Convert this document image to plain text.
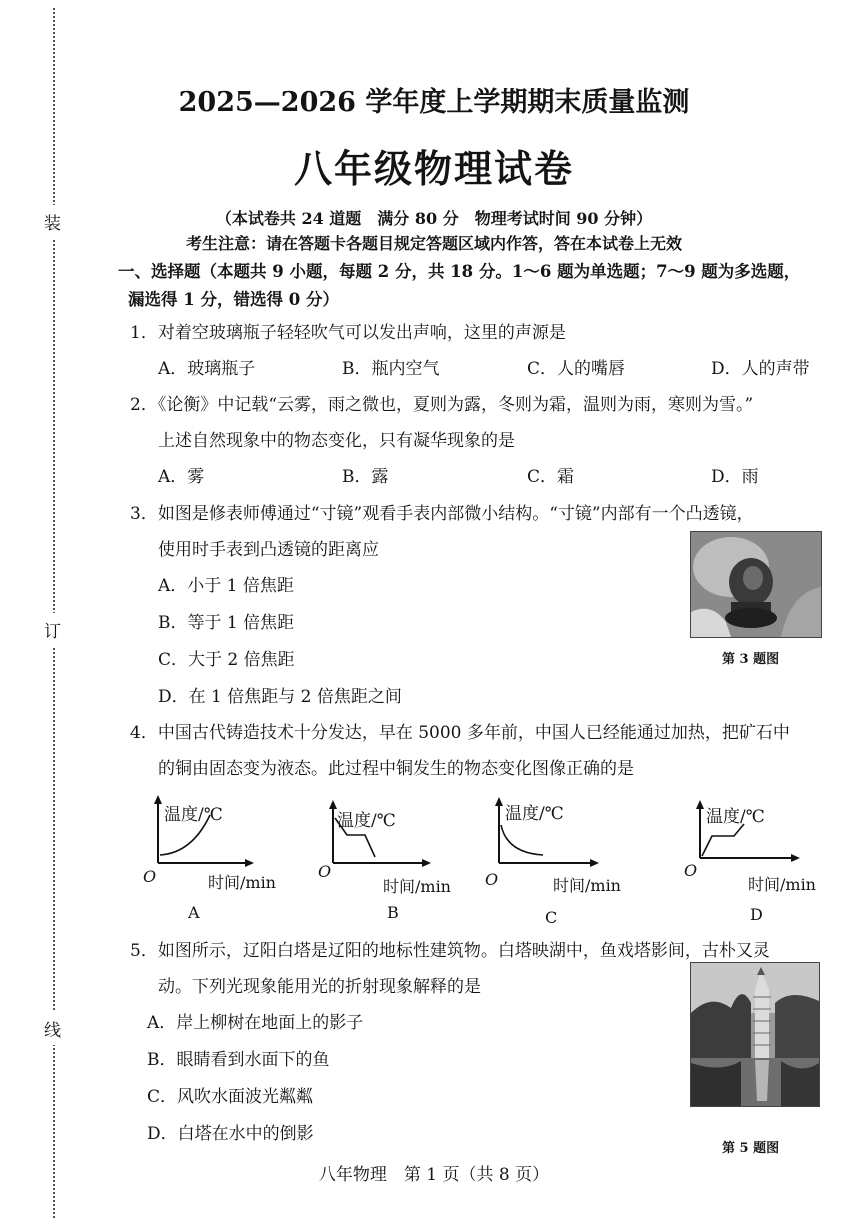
装
订
线
2025—2026 学年度上学期期末质量监测
八年级物理试卷
（本试卷共 24 道题　满分 80 分　物理考试时间 90 分钟）
考生注意：请在答题卡各题目规定答题区域内作答，答在本试卷上无效
一、选择题（本题共 9 小题，每题 2 分，共 18 分。1～6 题为单选题；7～9 题为多选题，
漏选得 1 分，错选得 0 分）
1．对着空玻璃瓶子轻轻吹气可以发出声响，这里的声源是
A．玻璃瓶子	B．瓶内空气	C．人的嘴唇	D．人的声带
2．《论衡》中记载“云雾，雨之微也，夏则为露，冬则为霜，温则为雨，寒则为雪。”
上述自然现象中的物态变化，只有凝华现象的是
A．雾	B．露	C．霜	D．雨
3．如图是修表师傅通过“寸镜”观看手表内部微小结构。“寸镜”内部有一个凸透镜，
使用时手表到凸透镜的距离应
A．小于 1 倍焦距
B．等于 1 倍焦距
C．大于 2 倍焦距
D．在 1 倍焦距与 2 倍焦距之间
第 3 题图
4．中国古代铸造技术十分发达，早在 5000 多年前，中国人已经能通过加热，把矿石中
的铜由固态变为液态。此过程中铜发生的物态变化图像正确的是
温度/℃
O	时间/min
A
温度/℃
O
时间/min
B
温度/℃
O	时间/min
C
温度/℃
O
时间/min
D
5．如图所示，辽阳白塔是辽阳的地标性建筑物。白塔映湖中，鱼戏塔影间，古朴又灵
动。下列光现象能用光的折射现象解释的是
A．岸上柳树在地面上的影子
B．眼睛看到水面下的鱼
C．风吹水面波光粼粼
D．白塔在水中的倒影
第 5 题图
八年物理　第 1 页（共 8 页）
